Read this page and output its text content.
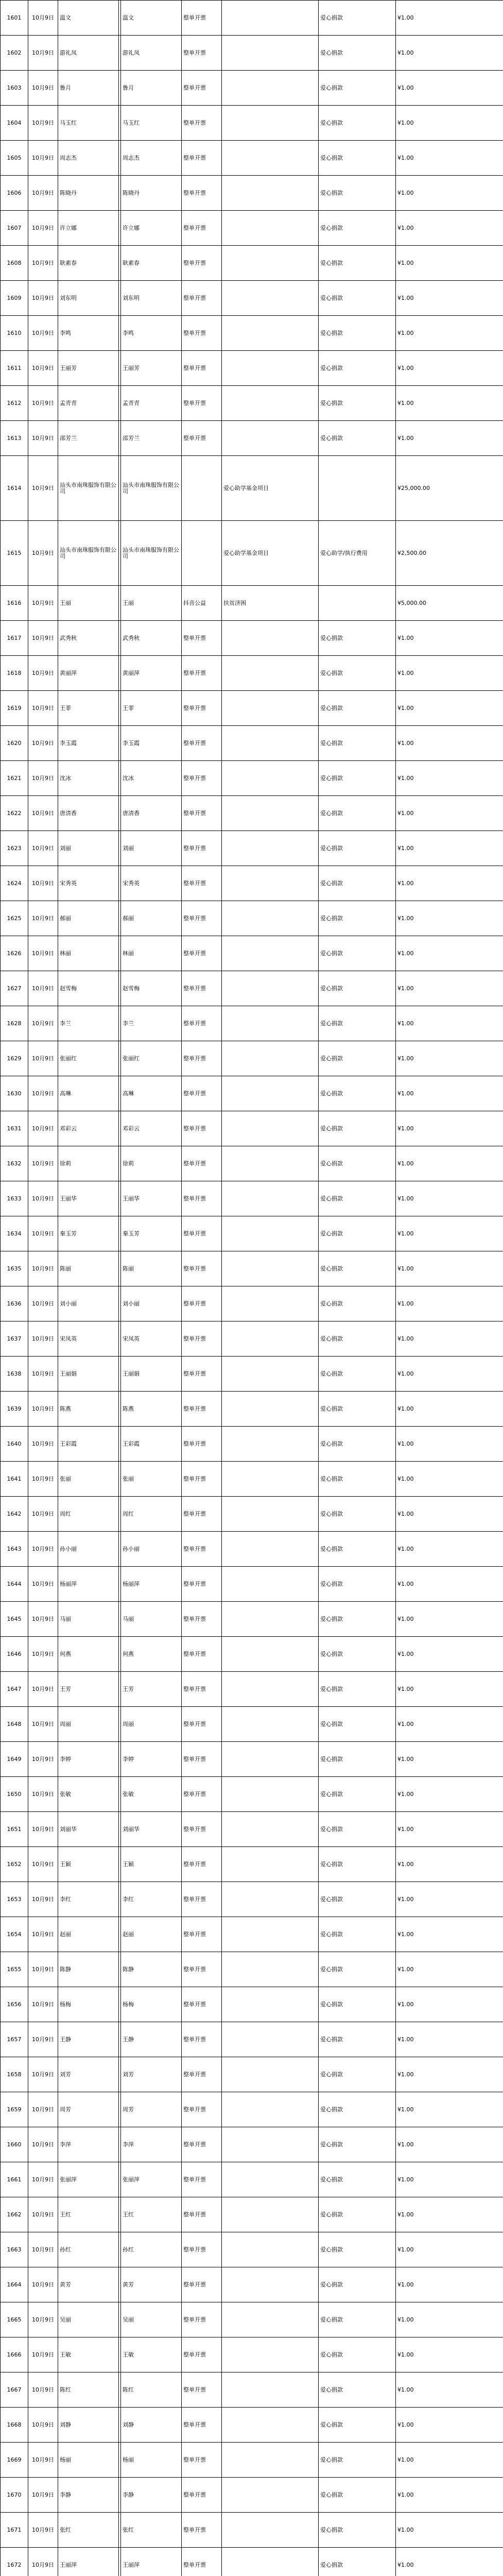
1601	10月9日	温文		温文	整单开票		爱心捐款	¥1.00
1602	10月9日	游礼凤		游礼凤	整单开票		爱心捐款	¥1.00
1603	10月9日	鲁月		鲁月	整单开票		爱心捐款	¥1.00
1604	10月9日	马玉红		马玉红	整单开票		爱心捐款	¥1.00
1605	10月9日	周志杰		周志杰	整单开票		爱心捐款	¥1.00
1606	10月9日	陈晓丹		陈晓丹	整单开票		爱心捐款	¥1.00
1607	10月9日	许立娜		许立娜	整单开票		爱心捐款	¥1.00
1608	10月9日	耿素春		耿素春	整单开票		爱心捐款	¥1.00
1609	10月9日	刘东明		刘东明	整单开票		爱心捐款	¥1.00
1610	10月9日	李鸣		李鸣	整单开票		爱心捐款	¥1.00
1611	10月9日	王丽芳		王丽芳	整单开票		爱心捐款	¥1.00
1612	10月9日	孟青青		孟青青	整单开票		爱心捐款	¥1.00
1613	10月9日	邵芳兰		邵芳兰	整单开票		爱心捐款	¥1.00
1614	10月9日	汕头市南珠服饰有限公司		汕头市南珠服饰有限公司		爱心助学基金项目		¥25,000.00
1615	10月9日	汕头市南珠服饰有限公司		汕头市南珠服饰有限公司		爱心助学基金项目	爱心助学/执行费用	¥2,500.00
1616	10月9日	王丽		王丽	抖音公益	扶贫济困		¥5,000.00
1617	10月9日	武秀秋		武秀秋	整单开票		爱心捐款	¥1.00
1618	10月9日	黄丽萍		黄丽萍	整单开票		爱心捐款	¥1.00
1619	10月9日	王菲		王菲	整单开票		爱心捐款	¥1.00
1620	10月9日	李玉霞		李玉霞	整单开票		爱心捐款	¥1.00
1621	10月9日	沈冰		沈冰	整单开票		爱心捐款	¥1.00
1622	10月9日	唐清香		唐清香	整单开票		爱心捐款	¥1.00
1623	10月9日	刘丽		刘丽	整单开票		爱心捐款	¥1.00
1624	10月9日	宋秀英		宋秀英	整单开票		爱心捐款	¥1.00
1625	10月9日	郝丽		郝丽	整单开票		爱心捐款	¥1.00
1626	10月9日	林丽		林丽	整单开票		爱心捐款	¥1.00
1627	10月9日	赵雪梅		赵雪梅	整单开票		爱心捐款	¥1.00
1628	10月9日	李兰		李兰	整单开票		爱心捐款	¥1.00
1629	10月9日	张丽红		张丽红	整单开票		爱心捐款	¥1.00
1630	10月9日	高琳		高琳	整单开票		爱心捐款	¥1.00
1631	10月9日	邓彩云		邓彩云	整单开票		爱心捐款	¥1.00
1632	10月9日	徐莉		徐莉	整单开票		爱心捐款	¥1.00
1633	10月9日	王丽华		王丽华	整单开票		爱心捐款	¥1.00
1634	10月9日	秦玉芳		秦玉芳	整单开票		爱心捐款	¥1.00
1635	10月9日	陈丽		陈丽	整单开票		爱心捐款	¥1.00
1636	10月9日	刘小丽		刘小丽	整单开票		爱心捐款	¥1.00
1637	10月9日	宋凤英		宋凤英	整单开票		爱心捐款	¥1.00
1638	10月9日	王丽娟		王丽娟	整单开票		爱心捐款	¥1.00
1639	10月9日	陈燕		陈燕	整单开票		爱心捐款	¥1.00
1640	10月9日	王彩霞		王彩霞	整单开票		爱心捐款	¥1.00
1641	10月9日	张丽		张丽	整单开票		爱心捐款	¥1.00
1642	10月9日	周红		周红	整单开票		爱心捐款	¥1.00
1643	10月9日	孙小丽		孙小丽	整单开票		爱心捐款	¥1.00
1644	10月9日	杨丽萍		杨丽萍	整单开票		爱心捐款	¥1.00
1645	10月9日	马丽		马丽	整单开票		爱心捐款	¥1.00
1646	10月9日	何燕		何燕	整单开票		爱心捐款	¥1.00
1647	10月9日	王芳		王芳	整单开票		爱心捐款	¥1.00
1648	10月9日	周丽		周丽	整单开票		爱心捐款	¥1.00
1649	10月9日	李婷		李婷	整单开票		爱心捐款	¥1.00
1650	10月9日	张敏		张敏	整单开票		爱心捐款	¥1.00
1651	10月9日	刘丽华		刘丽华	整单开票		爱心捐款	¥1.00
1652	10月9日	王颖		王颖	整单开票		爱心捐款	¥1.00
1653	10月9日	李红		李红	整单开票		爱心捐款	¥1.00
1654	10月9日	赵丽		赵丽	整单开票		爱心捐款	¥1.00
1655	10月9日	陈静		陈静	整单开票		爱心捐款	¥1.00
1656	10月9日	杨梅		杨梅	整单开票		爱心捐款	¥1.00
1657	10月9日	王静		王静	整单开票		爱心捐款	¥1.00
1658	10月9日	刘芳		刘芳	整单开票		爱心捐款	¥1.00
1659	10月9日	周芳		周芳	整单开票		爱心捐款	¥1.00
1660	10月9日	李萍		李萍	整单开票		爱心捐款	¥1.00
1661	10月9日	张丽萍		张丽萍	整单开票		爱心捐款	¥1.00
1662	10月9日	王红		王红	整单开票		爱心捐款	¥1.00
1663	10月9日	孙红		孙红	整单开票		爱心捐款	¥1.00
1664	10月9日	黄芳		黄芳	整单开票		爱心捐款	¥1.00
1665	10月9日	吴丽		吴丽	整单开票		爱心捐款	¥1.00
1666	10月9日	王敏		王敏	整单开票		爱心捐款	¥1.00
1667	10月9日	陈红		陈红	整单开票		爱心捐款	¥1.00
1668	10月9日	刘静		刘静	整单开票		爱心捐款	¥1.00
1669	10月9日	杨丽		杨丽	整单开票		爱心捐款	¥1.00
1670	10月9日	李静		李静	整单开票		爱心捐款	¥1.00
1671	10月9日	张红		张红	整单开票		爱心捐款	¥1.00
1672	10月9日	王丽萍		王丽萍	整单开票		爱心捐款	¥1.00
